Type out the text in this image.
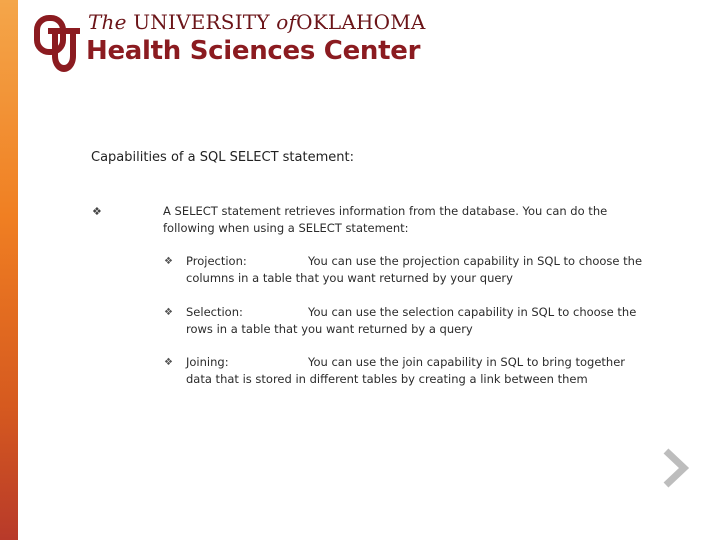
The UNIVERSITY ofOKLAHOMA
Health Sciences Center
Capabilities of a SQL SELECT statement:
❖	A SELECT statement retrieves information from the database. You can do the following when using a SELECT statement:
❖ Projection:	You can use the projection capability in SQL to choose the columns in a table that you want returned by your query
❖ Selection:	You can use the selection capability in SQL to choose the rows in a table that you want returned by a query
❖ Joining:	You can use the join capability in SQL to bring together data that is stored in different tables by creating a link between them
